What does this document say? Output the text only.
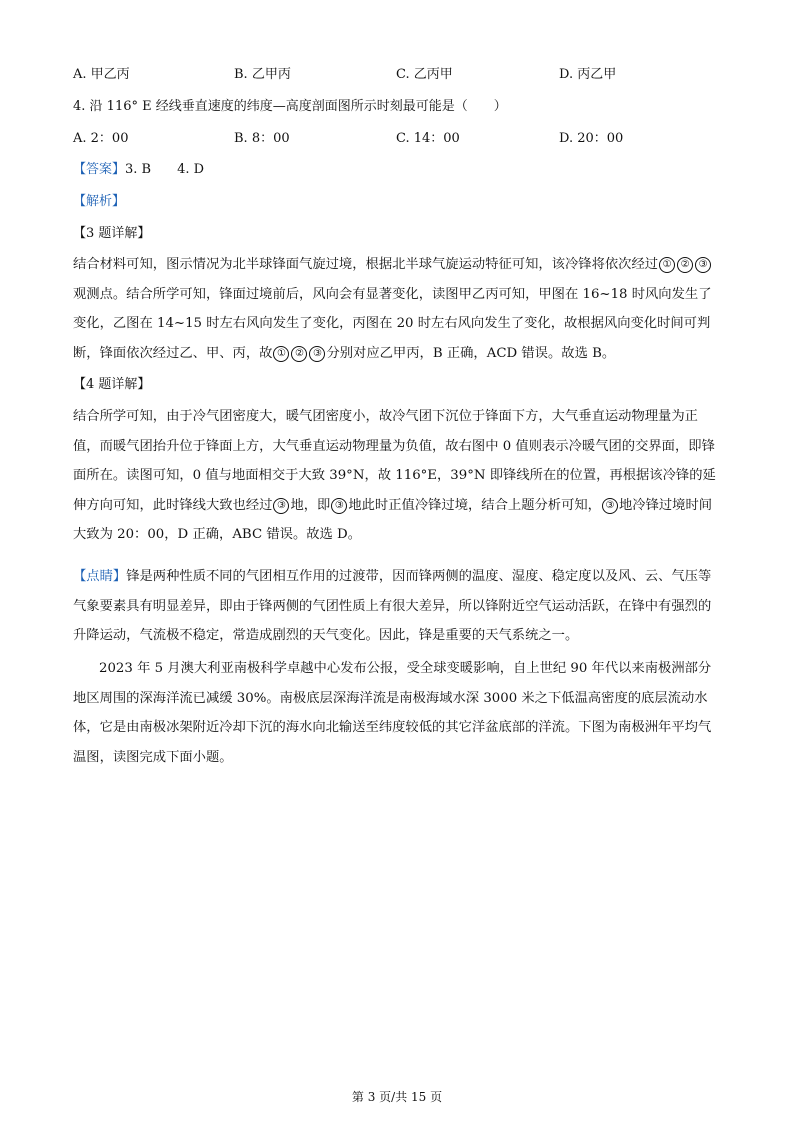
A. 甲乙丙	B. 乙甲丙	C. 乙丙甲	D. 丙乙甲
4. 沿 116° E 经线垂直速度的纬度—高度剖面图所示时刻最可能是（　　）
A. 2：00	B. 8：00	C. 14：00	D. 20：00
【答案】3. B　　4. D
【解析】
【3 题详解】
结合材料可知，图示情况为北半球锋面气旋过境，根据北半球气旋运动特征可知，该冷锋将依次经过 ① ② ③观测点。结合所学可知，锋面过境前后，风向会有显著变化，读图甲乙丙可知，甲图在 16~18 时风向发生了变化，乙图在 14~15 时左右风向发生了变化，丙图在 20 时左右风向发生了变化，故根据风向变化时间可判断，锋面依次经过乙、甲、丙，故 ① ② ③ 分别对应乙甲丙，B 正确，ACD 错误。故选 B。
【4 题详解】
结合所学可知，由于冷气团密度大，暖气团密度小，故冷气团下沉位于锋面下方，大气垂直运动物理量为正值，而暖气团抬升位于锋面上方，大气垂直运动物理量为负值，故右图中 0 值则表示冷暖气团的交界面，即锋面所在。读图可知，0 值与地面相交于大致 39°N，故 116°E，39°N 即锋线所在的位置，再根据该冷锋的延伸方向可知，此时锋线大致也经过 ③ 地，即 ③ 地此时正值冷锋过境，结合上题分析可知， ③ 地冷锋过境时间大致为 20：00，D 正确，ABC 错误。故选 D。
【点睛】锋是两种性质不同的气团相互作用的过渡带，因而锋两侧的温度、湿度、稳定度以及风、云、气压等气象要素具有明显差异，即由于锋两侧的气团性质上有很大差异，所以锋附近空气运动活跃，在锋中有强烈的升降运动，气流极不稳定，常造成剧烈的天气变化。因此，锋是重要的天气系统之一。
2023 年 5 月澳大利亚南极科学卓越中心发布公报，受全球变暖影响，自上世纪 90 年代以来南极洲部分地区周围的深海洋流已减缓 30%。南极底层深海洋流是南极海域水深 3000 米之下低温高密度的底层流动水体，它是由南极冰架附近冷却下沉的海水向北输送至纬度较低的其它洋盆底部的洋流。下图为南极洲年平均气温图，读图完成下面小题。
第 3 页/共 15 页
